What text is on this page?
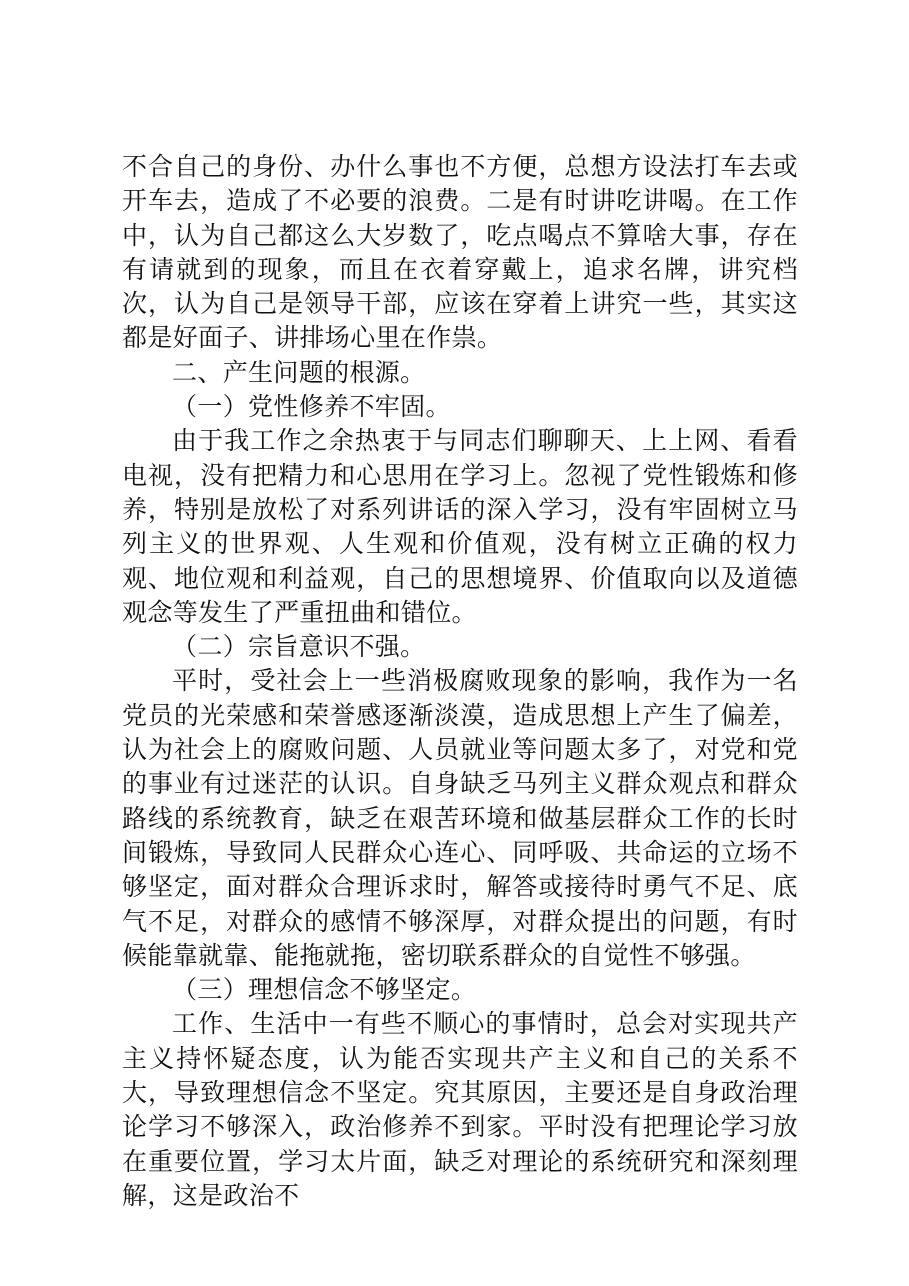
不合自己的身份、办什么事也不方便，总想方设法打车去或开车去，造成了不必要的浪费。二是有时讲吃讲喝。在工作中，认为自己都这么大岁数了，吃点喝点不算啥大事，存在有请就到的现象，而且在衣着穿戴上，追求名牌，讲究档次，认为自己是领导干部，应该在穿着上讲究一些，其实这都是好面子、讲排场心里在作祟。

二、产生问题的根源。

（一）党性修养不牢固。

由于我工作之余热衷于与同志们聊聊天、上上网、看看电视，没有把精力和心思用在学习上。忽视了党性锻炼和修养，特别是放松了对系列讲话的深入学习，没有牢固树立马列主义的世界观、人生观和价值观，没有树立正确的权力观、地位观和利益观，自己的思想境界、价值取向以及道德观念等发生了严重扭曲和错位。

（二）宗旨意识不强。

平时，受社会上一些消极腐败现象的影响，我作为一名党员的光荣感和荣誉感逐渐淡漠，造成思想上产生了偏差，认为社会上的腐败问题、人员就业等问题太多了，对党和党的事业有过迷茫的认识。自身缺乏马列主义群众观点和群众路线的系统教育，缺乏在艰苦环境和做基层群众工作的长时间锻炼，导致同人民群众心连心、同呼吸、共命运的立场不够坚定，面对群众合理诉求时，解答或接待时勇气不足、底气不足，对群众的感情不够深厚，对群众提出的问题，有时候能靠就靠、能拖就拖，密切联系群众的自觉性不够强。

（三）理想信念不够坚定。

工作、生活中一有些不顺心的事情时，总会对实现共产主义持怀疑态度，认为能否实现共产主义和自己的关系不大，导致理想信念不坚定。究其原因，主要还是自身政治理论学习不够深入，政治修养不到家。平时没有把理论学习放在重要位置，学习太片面，缺乏对理论的系统研究和深刻理解，这是政治不
